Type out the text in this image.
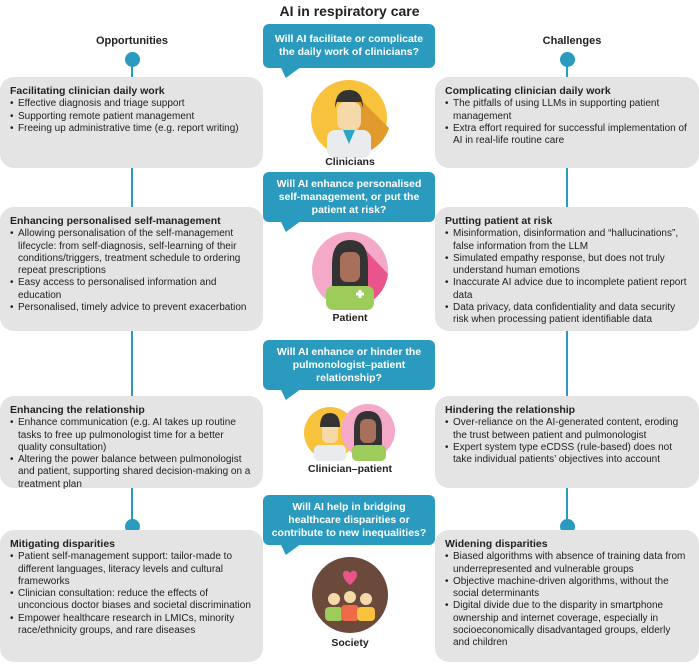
AI in respiratory care
Opportunities	Challenges
Will AI facilitate or complicate the daily work of clinicians?
Facilitating clinician daily work
• Effective diagnosis and triage support
• Supporting remote patient management
• Freeing up administrative time (e.g. report writing)
Complicating clinician daily work
• The pitfalls of using LLMs in supporting patient management
• Extra effort required for successful implementation of AI in real-life routine care
Clinicians
Will AI enhance personalised self-management, or put the patient at risk?
Enhancing personalised self-management
• Allowing personalisation of the self-management lifecycle: from self-diagnosis, self-learning of their conditions/triggers, treatment schedule to ordering repeat prescriptions
• Easy access to personalised information and education
• Personalised, timely advice to prevent exacerbation
Putting patient at risk
• Misinformation, disinformation and “hallucinations”, false information from the LLM
• Simulated empathy response, but does not truly understand human emotions
• Inaccurate AI advice due to incomplete patient report data
• Data privacy, data confidentiality and data security risk when processing patient identifiable data
Patient
Will AI enhance or hinder the pulmonologist–patient relationship?
Enhancing the relationship
• Enhance communication (e.g. AI takes up routine tasks to free up pulmonologist time for a better quality consultation)
• Altering the power balance between pulmonologist and patient, supporting shared decision-making on a treatment plan
Hindering the relationship
• Over-reliance on the AI-generated content, eroding the trust between patient and pulmonologist
• Expert system type eCDSS (rule-based) does not take individual patients’ objectives into account
Clinician–patient
Will AI help in bridging healthcare disparities or contribute to new inequalities?
Mitigating disparities
• Patient self-management support: tailor-made to different languages, literacy levels and cultural frameworks
• Clinician consultation: reduce the effects of unconcious doctor biases and societal discrimination
• Empower healthcare research in LMICs, minority race/ethnicity groups, and rare diseases
Widening disparities
• Biased algorithms with absence of training data from underrepresented and vulnerable groups
• Objective machine-driven algorithms, without the social determinants
• Digital divide due to the disparity in smartphone ownership and internet coverage, especially in socioeconomically disadvantaged groups, elderly and children
Society
